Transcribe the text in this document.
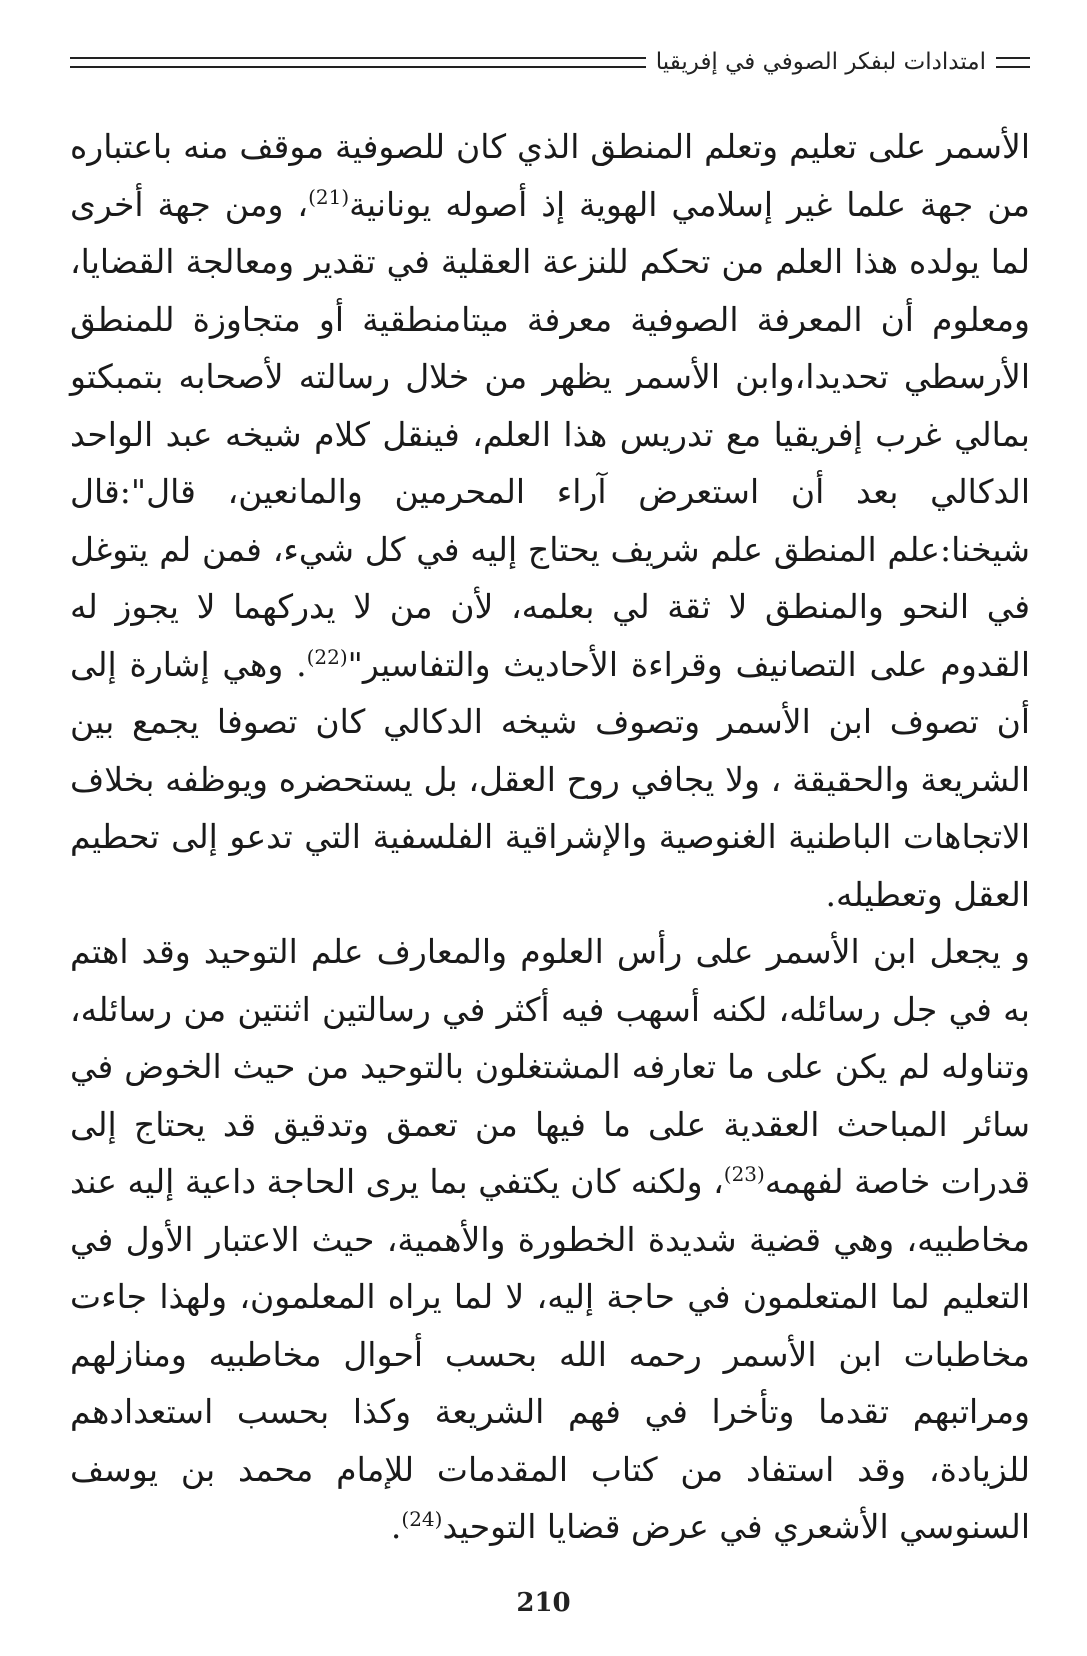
امتدادات لبفكر الصوفي في إفريقيا

الأسمر على تعليم وتعلم المنطق الذي كان للصوفية موقف منه باعتباره من جهة علما غير إسلامي الهوية إذ أصوله يونانية$^{(21)}$، ومن جهة أخرى لما يولده هذا العلم من تحكم للنزعة العقلية في تقدير ومعالجة القضايا، ومعلوم أن المعرفة الصوفية معرفة ميتامنطقية أو متجاوزة للمنطق الأرسطي تحديدا،وابن الأسمر يظهر من خلال رسالته لأصحابه بتمبكتو بمالي غرب إفريقيا مع تدريس هذا العلم، فينقل كلام شيخه عبد الواحد الدكالي بعد أن استعرض آراء المحرمين والمانعين، قال":قال شيخنا:علم المنطق علم شريف يحتاج إليه في كل شيء، فمن لم يتوغل في النحو والمنطق لا ثقة لي بعلمه، لأن من لا يدركهما لا يجوز له القدوم على التصانيف وقراءة الأحاديث والتفاسير"$^{(22)}$. وهي إشارة إلى أن تصوف ابن الأسمر وتصوف شيخه الدكالي كان تصوفا يجمع بين الشريعة والحقيقة ، ولا يجافي روح العقل، بل يستحضره ويوظفه بخلاف الاتجاهات الباطنية الغنوصية والإشراقية الفلسفية التي تدعو إلى تحطيم العقل وتعطيله.

و يجعل ابن الأسمر على رأس العلوم والمعارف علم التوحيد وقد اهتم به في جل رسائله، لكنه أسهب فيه أكثر في رسالتين اثنتين من رسائله، وتناوله لم يكن على ما تعارفه المشتغلون بالتوحيد من حيث الخوض في سائر المباحث العقدية على ما فيها من تعمق وتدقيق قد يحتاج إلى قدرات خاصة لفهمه$^{(23)}$، ولكنه كان يكتفي بما يرى الحاجة داعية إليه عند مخاطبيه، وهي قضية شديدة الخطورة والأهمية، حيث الاعتبار الأول في التعليم لما المتعلمون في حاجة إليه، لا لما يراه المعلمون، ولهذا جاءت مخاطبات ابن الأسمر رحمه الله بحسب أحوال مخاطبيه ومنازلهم ومراتبهم تقدما وتأخرا في فهم الشريعة وكذا بحسب استعدادهم للزيادة، وقد استفاد من كتاب المقدمات للإمام محمد بن يوسف السنوسي الأشعري في عرض قضايا التوحيد$^{(24)}$.

210
